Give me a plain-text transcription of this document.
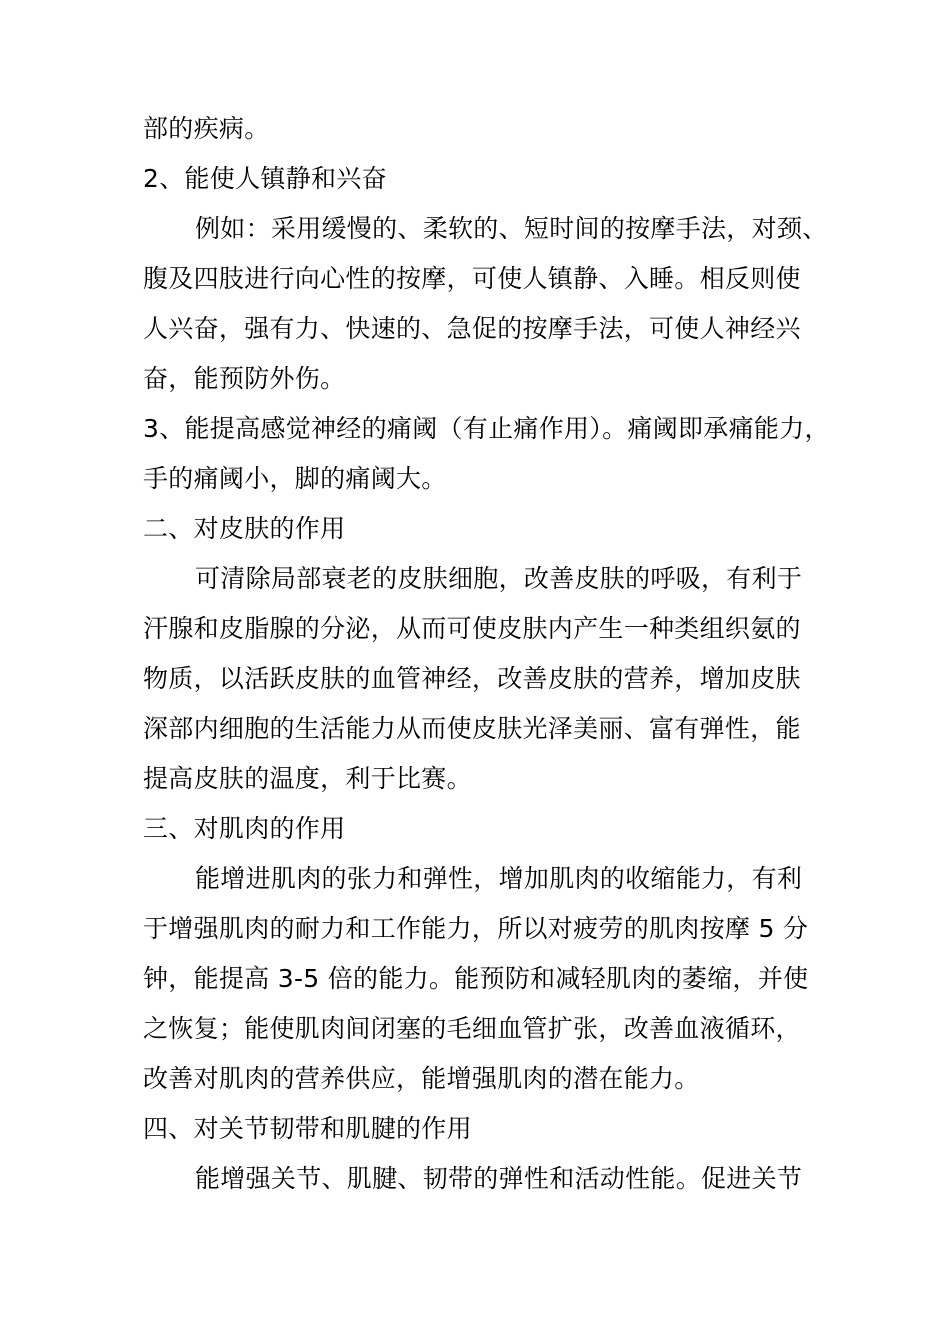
部的疾病。
2、能使人镇静和兴奋
例如：采用缓慢的、柔软的、短时间的按摩手法，对颈、
腹及四肢进行向心性的按摩，可使人镇静、入睡。相反则使
人兴奋，强有力、快速的、急促的按摩手法，可使人神经兴
奋，能预防外伤。
3、能提高感觉神经的痛阈（有止痛作用）。痛阈即承痛能力，
手的痛阈小，脚的痛阈大。
二、对皮肤的作用
可清除局部衰老的皮肤细胞，改善皮肤的呼吸，有利于
汗腺和皮脂腺的分泌，从而可使皮肤内产生一种类组织氨的
物质，以活跃皮肤的血管神经，改善皮肤的营养，增加皮肤
深部内细胞的生活能力从而使皮肤光泽美丽、富有弹性，能
提高皮肤的温度，利于比赛。
三、对肌肉的作用
能增进肌肉的张力和弹性，增加肌肉的收缩能力，有利
于增强肌肉的耐力和工作能力，所以对疲劳的肌肉按摩 5 分
钟，能提高 3-5 倍的能力。能预防和减轻肌肉的萎缩，并使
之恢复；能使肌肉间闭塞的毛细血管扩张，改善血液循环，
改善对肌肉的营养供应，能增强肌肉的潜在能力。
四、对关节韧带和肌腱的作用
能增强关节、肌腱、韧带的弹性和活动性能。促进关节
